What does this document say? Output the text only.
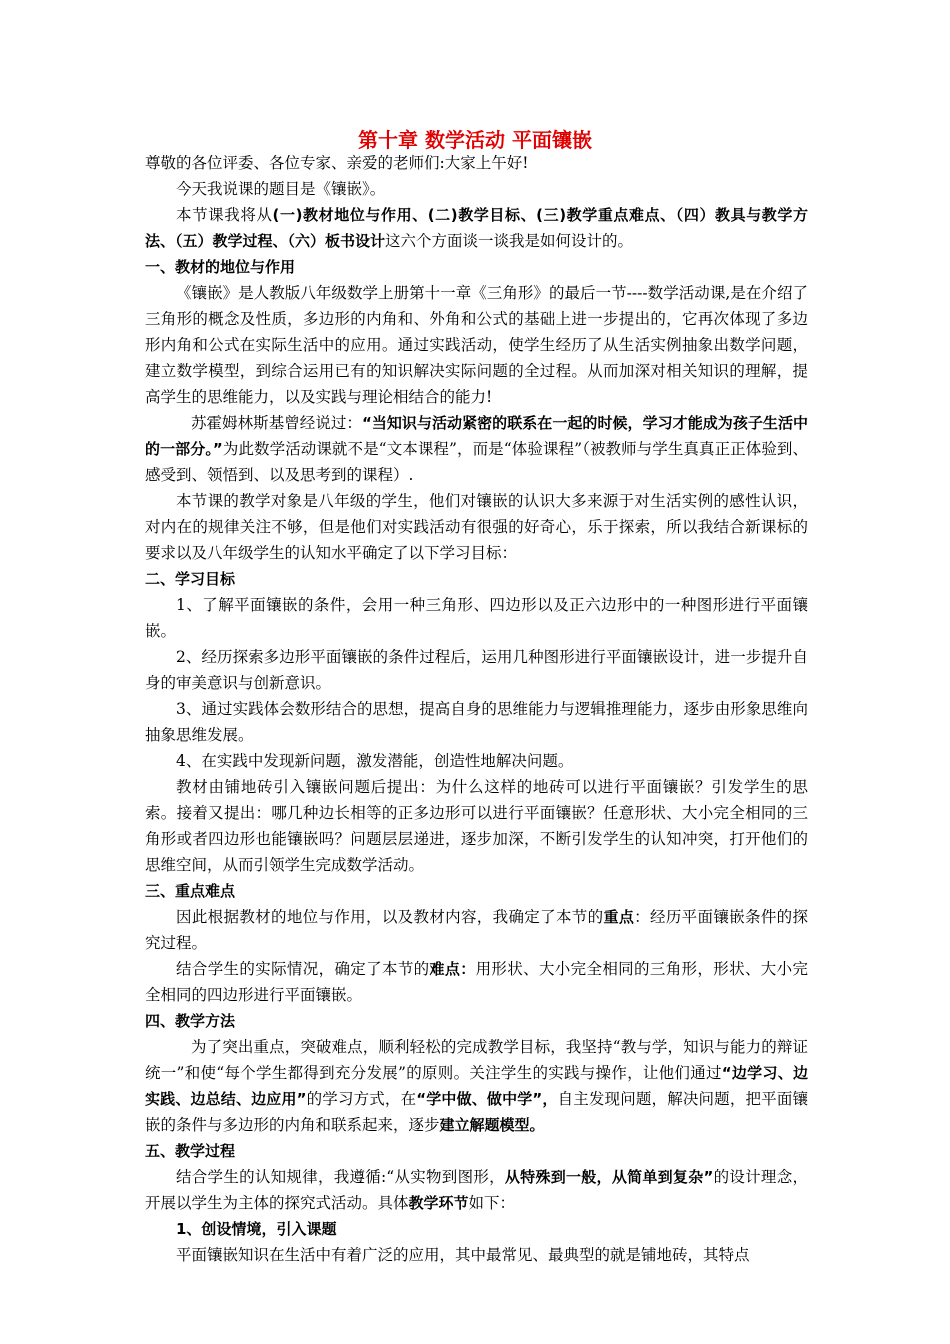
第十章 数学活动 平面镶嵌

尊敬的各位评委、各位专家、亲爱的老师们:大家上午好!

今天我说课的题目是《镶嵌》。

本节课我将从(一)教材地位与作用、(二)教学目标、(三)教学重点难点、（四）教具与教学方法、（五）教学过程、（六）板书设计这六个方面谈一谈我是如何设计的。

一、教材的地位与作用

《镶嵌》是人教版八年级数学上册第十一章《三角形》的最后一节----数学活动课,是在介绍了三角形的概念及性质，多边形的内角和、外角和公式的基础上进一步提出的，它再次体现了多边形内角和公式在实际生活中的应用。通过实践活动，使学生经历了从生活实例抽象出数学问题，建立数学模型，到综合运用已有的知识解决实际问题的全过程。从而加深对相关知识的理解，提高学生的思维能力，以及实践与理论相结合的能力!

苏霍姆林斯基曾经说过：“当知识与活动紧密的联系在一起的时候，学习才能成为孩子生活中的一部分。”为此数学活动课就不是“文本课程”，而是“体验课程”（被教师与学生真真正正体验到、感受到、领悟到、以及思考到的课程）.

本节课的教学对象是八年级的学生，他们对镶嵌的认识大多来源于对生活实例的感性认识，对内在的规律关注不够，但是他们对实践活动有很强的好奇心，乐于探索，所以我结合新课标的要求以及八年级学生的认知水平确定了以下学习目标：

二、学习目标

1、了解平面镶嵌的条件，会用一种三角形、四边形以及正六边形中的一种图形进行平面镶嵌。

2、经历探索多边形平面镶嵌的条件过程后，运用几种图形进行平面镶嵌设计，进一步提升自身的审美意识与创新意识。

3、通过实践体会数形结合的思想，提高自身的思维能力与逻辑推理能力，逐步由形象思维向抽象思维发展。

4、在实践中发现新问题，激发潜能，创造性地解决问题。

教材由铺地砖引入镶嵌问题后提出：为什么这样的地砖可以进行平面镶嵌？引发学生的思索。接着又提出：哪几种边长相等的正多边形可以进行平面镶嵌？任意形状、大小完全相同的三角形或者四边形也能镶嵌吗？问题层层递进，逐步加深，不断引发学生的认知冲突，打开他们的思维空间，从而引领学生完成数学活动。

三、重点难点

因此根据教材的地位与作用，以及教材内容，我确定了本节的重点：经历平面镶嵌条件的探究过程。

结合学生的实际情况，确定了本节的难点：用形状、大小完全相同的三角形，形状、大小完全相同的四边形进行平面镶嵌。

四、教学方法

为了突出重点，突破难点，顺利轻松的完成教学目标，我坚持“教与学，知识与能力的辩证统一”和使“每个学生都得到充分发展”的原则。关注学生的实践与操作，让他们通过“边学习、边实践、边总结、边应用”的学习方式，在“学中做、做中学”，自主发现问题，解决问题，把平面镶嵌的条件与多边形的内角和联系起来，逐步建立解题模型。

五、教学过程

结合学生的认知规律，我遵循:“从实物到图形，从特殊到一般，从简单到复杂”的设计理念，开展以学生为主体的探究式活动。具体教学环节如下：

1、创设情境，引入课题

平面镶嵌知识在生活中有着广泛的应用，其中最常见、最典型的就是铺地砖，其特点
